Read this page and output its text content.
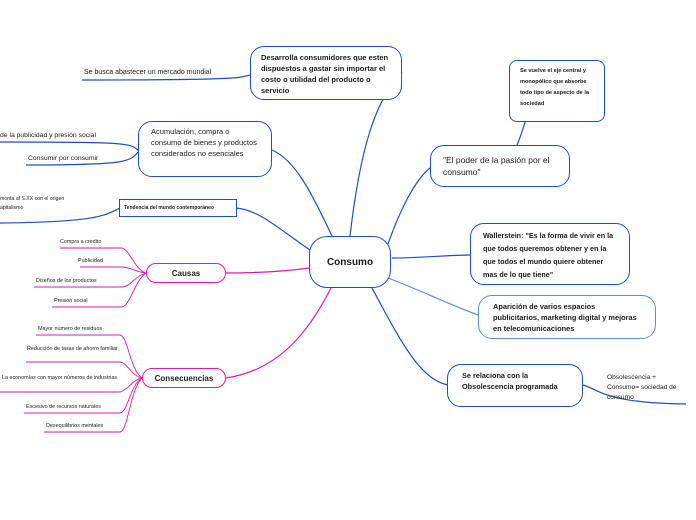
Consumo
Desarrolla consumidores que esten dispuestos a gastar sin importar el costo o utilidad del producto o servicio
Acumulación, compra o consumo de bienes y productos considerados no esenciales
Tendencia del mundo contemporáneo
Causas
Consecuencias
"El poder de la pasión por el consumo"
Wallerstein: "Es la forma de vivir en la que todos queremos obtener y en la que todos el mundo quiere obtener mas de lo que tiene"
Aparición de varios espacios publicitarios, marketing digital y mejoras en telecomunicaciones
Se relaciona con la Obsolescencia programada
Se vuelve el eje central y monopólico que absorbe todo tipo de aspecto de la sociedad
Se busca abastecer un mercado mundial
de la publicidad y presión social
Consumir por consumir
monta al S.XX con el origen apitalismo
Obsolescencia + Consumo= sociedad de consumo
Compra a credito
Publicidad
Diseños de los productos
Presión social
Mayor numero de residuos
Reducción de tasas de ahorro familiar
La economías con mayor números de industrias
Excesivo de recursos naturales
Desequilibrios mentales
